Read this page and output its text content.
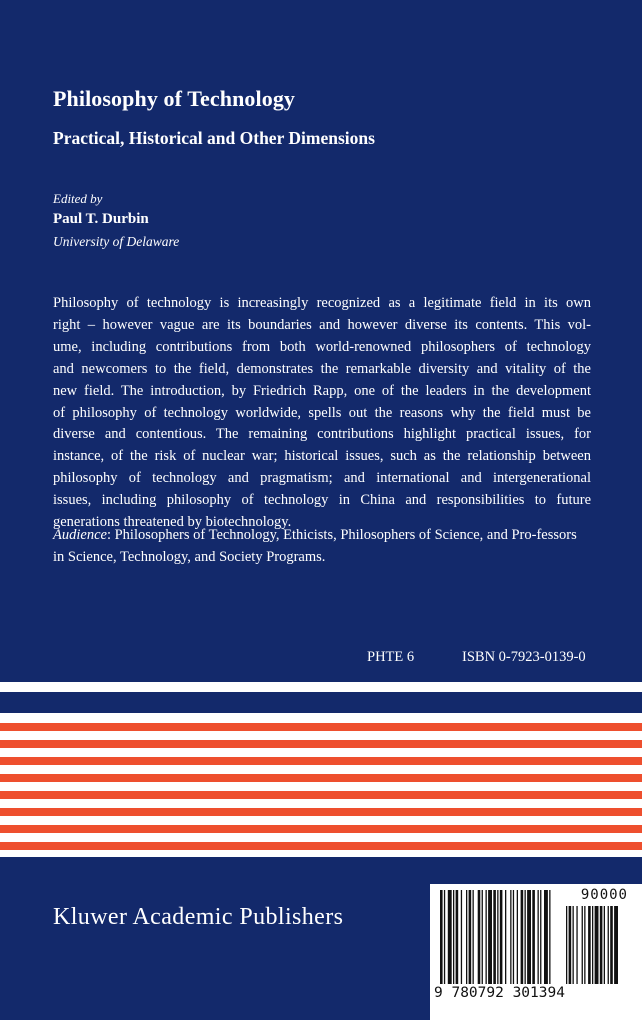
Philosophy of Technology
Practical, Historical and Other Dimensions
Edited by
Paul T. Durbin
University of Delaware
Philosophy of technology is increasingly recognized as a legitimate field in its own
right – however vague are its boundaries and however diverse its contents. This vol-
ume, including contributions from both world-renowned philosophers of technology
and newcomers to the field, demonstrates the remarkable diversity and vitality of the
new field. The introduction, by Friedrich Rapp, one of the leaders in the development
of philosophy of technology worldwide, spells out the reasons why the field must be
diverse and contentious. The remaining contributions highlight practical issues, for
instance, of the risk of nuclear war; historical issues, such as the relationship between
philosophy of technology and pragmatism; and international and intergenerational
issues, including philosophy of technology in China and responsibilities to future
generations threatened by biotechnology.
Audience: Philosophers of Technology, Ethicists, Philosophers of Science, and Pro-fessors in Science, Technology, and Society Programs.
PHTE 6	ISBN 0-7923-0139-0
Kluwer Academic Publishers
90000
9 780792 301394
